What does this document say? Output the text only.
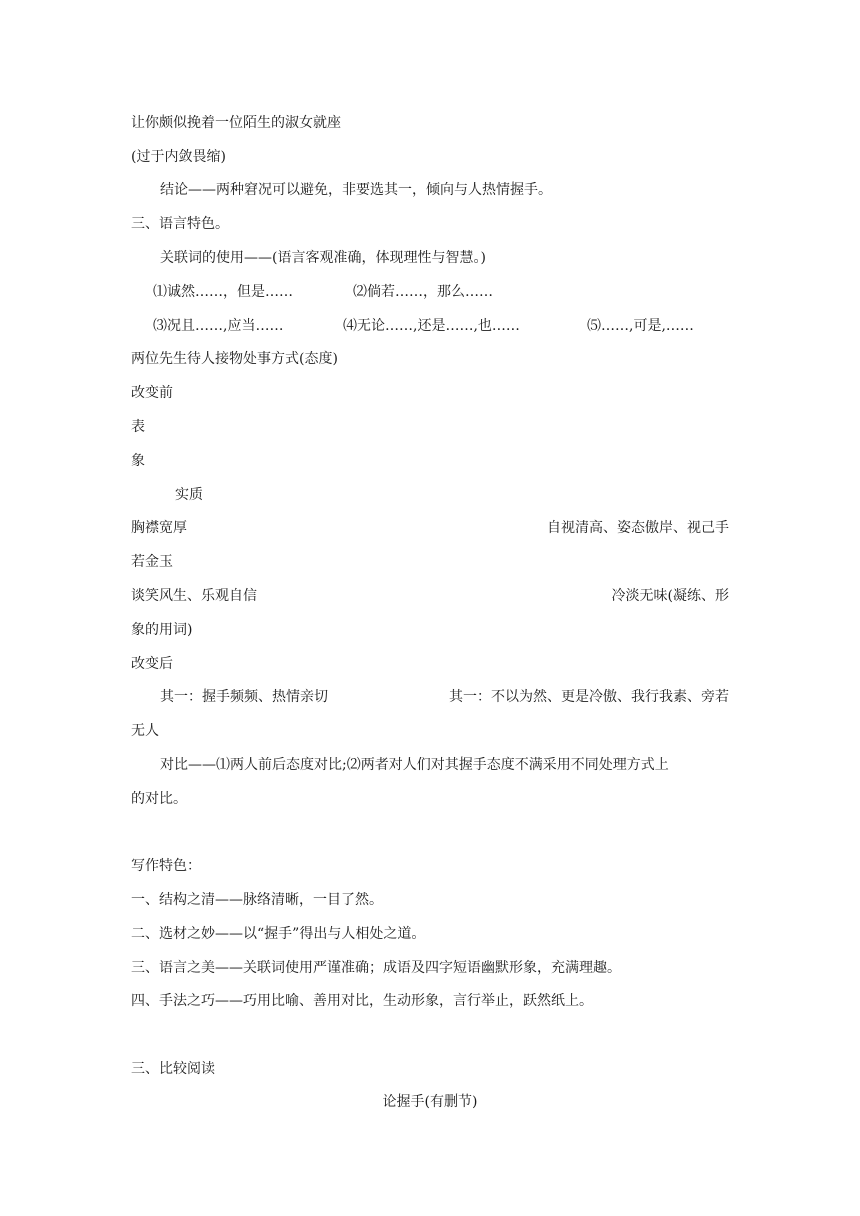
让你颇似挽着一位陌生的淑女就座
(过于内敛畏缩)
结论——两种窘况可以避免，非要选其一，倾向与人热情握手。
三、语言特色。
关联词的使用——(语言客观准确，体现理性与智慧。)
⑴诚然……，但是……	⑵倘若……，那么……
⑶况且……,应当……	⑷无论……,还是……,也……	⑸……,可是,……
两位先生待人接物处事方式(态度)
改变前
表
象
实质
胸襟宽厚	自视清高、姿态傲岸、视己手
若金玉
谈笑风生、乐观自信	冷淡无味(凝练、形
象的用词)
改变后
其一：握手频频、热情亲切	其一：不以为然、更是冷傲、我行我素、旁若
无人
对比——⑴两人前后态度对比;⑵两者对人们对其握手态度不满采用不同处理方式上
的对比。
写作特色：
一、结构之清——脉络清晰，一目了然。
二、选材之妙——以“握手”得出与人相处之道。
三、语言之美——关联词使用严谨准确；成语及四字短语幽默形象，充满理趣。
四、手法之巧——巧用比喻、善用对比，生动形象，言行举止，跃然纸上。
三、比较阅读
论握手(有删节)
